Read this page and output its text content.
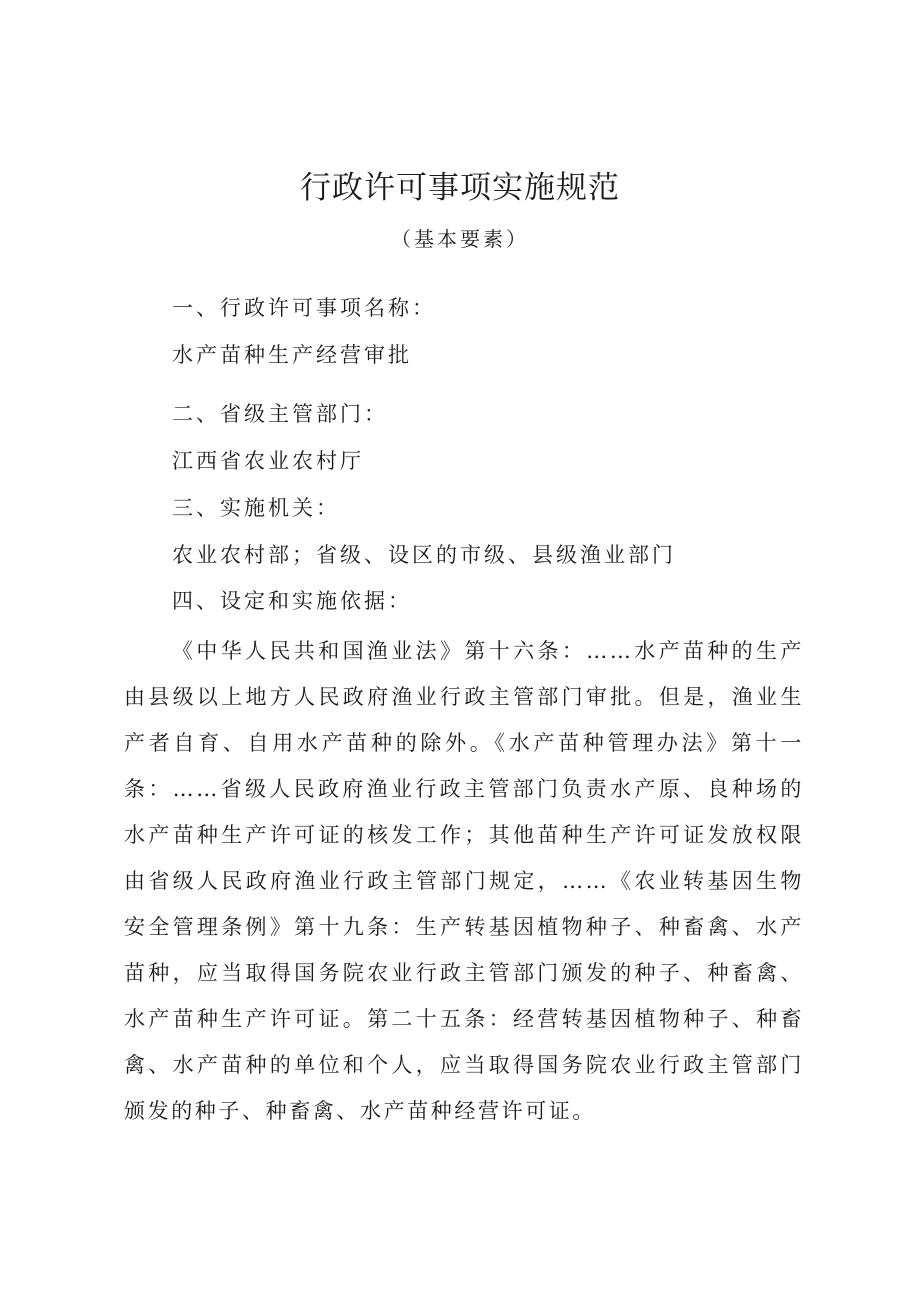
行政许可事项实施规范
（基本要素）

一、行政许可事项名称：

水产苗种生产经营审批

二、省级主管部门：

江西省农业农村厅

三、实施机关：

农业农村部；省级、设区的市级、县级渔业部门

四、设定和实施依据：

《中华人民共和国渔业法》第十六条：……水产苗种的生产由县级以上地方人民政府渔业行政主管部门审批。但是，渔业生产者自育、自用水产苗种的除外。《水产苗种管理办法》第十一条：……省级人民政府渔业行政主管部门负责水产原、良种场的水产苗种生产许可证的核发工作；其他苗种生产许可证发放权限由省级人民政府渔业行政主管部门规定，……《农业转基因生物安全管理条例》第十九条：生产转基因植物种子、种畜禽、水产苗种，应当取得国务院农业行政主管部门颁发的种子、种畜禽、水产苗种生产许可证。第二十五条：经营转基因植物种子、种畜禽、水产苗种的单位和个人，应当取得国务院农业行政主管部门颁发的种子、种畜禽、水产苗种经营许可证。
